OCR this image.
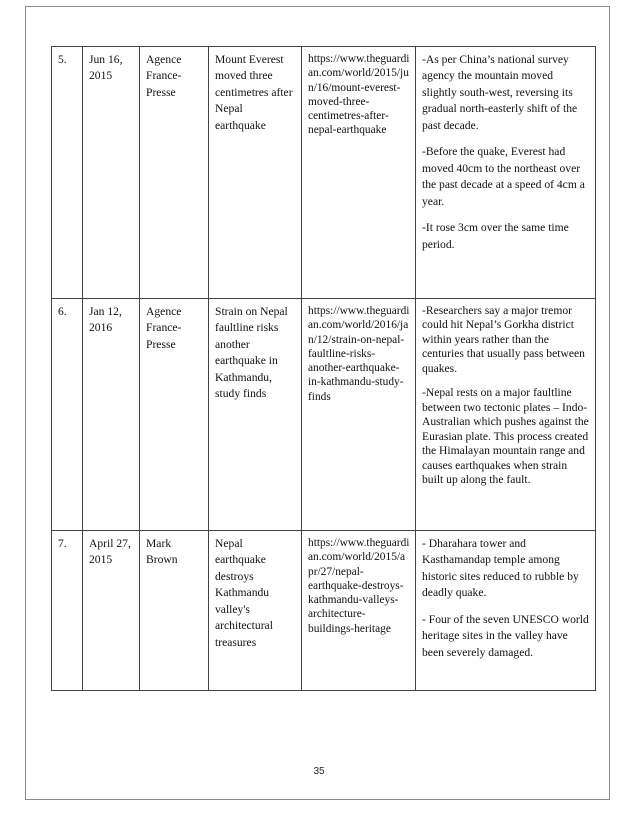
5.	Jun 16, 2015	Agence France-Presse	Mount Everest moved three centimetres after Nepal earthquake	https://www.theguardian.com/world/2015/jun/16/mount-everest-moved-three-centimetres-after-nepal-earthquake	-As per China’s national survey agency the mountain moved slightly south-west, reversing its gradual north-easterly shift of the past decade.

-Before the quake, Everest had moved 40cm to the northeast over the past decade at a speed of 4cm a year.

-It rose 3cm over the same time period.

6.	Jan 12, 2016	Agence France-Presse	Strain on Nepal faultline risks another earthquake in Kathmandu, study finds	https://www.theguardian.com/world/2016/jan/12/strain-on-nepal-faultline-risks-another-earthquake-in-kathmandu-study-finds	-Researchers say a major tremor could hit Nepal’s Gorkha district within years rather than the centuries that usually pass between quakes.

-Nepal rests on a major faultline between two tectonic plates – Indo-Australian which pushes against the Eurasian plate. This process created the Himalayan mountain range and causes earthquakes when strain built up along the fault.

7.	April 27, 2015	Mark Brown	Nepal earthquake destroys Kathmandu valley's architectural treasures	https://www.theguardian.com/world/2015/apr/27/nepal-earthquake-destroys-kathmandu-valleys-architecture-buildings-heritage	- Dharahara tower and Kasthamandap temple among historic sites reduced to rubble by deadly quake.

- Four of the seven UNESCO world heritage sites in the valley have been severely damaged.

35
